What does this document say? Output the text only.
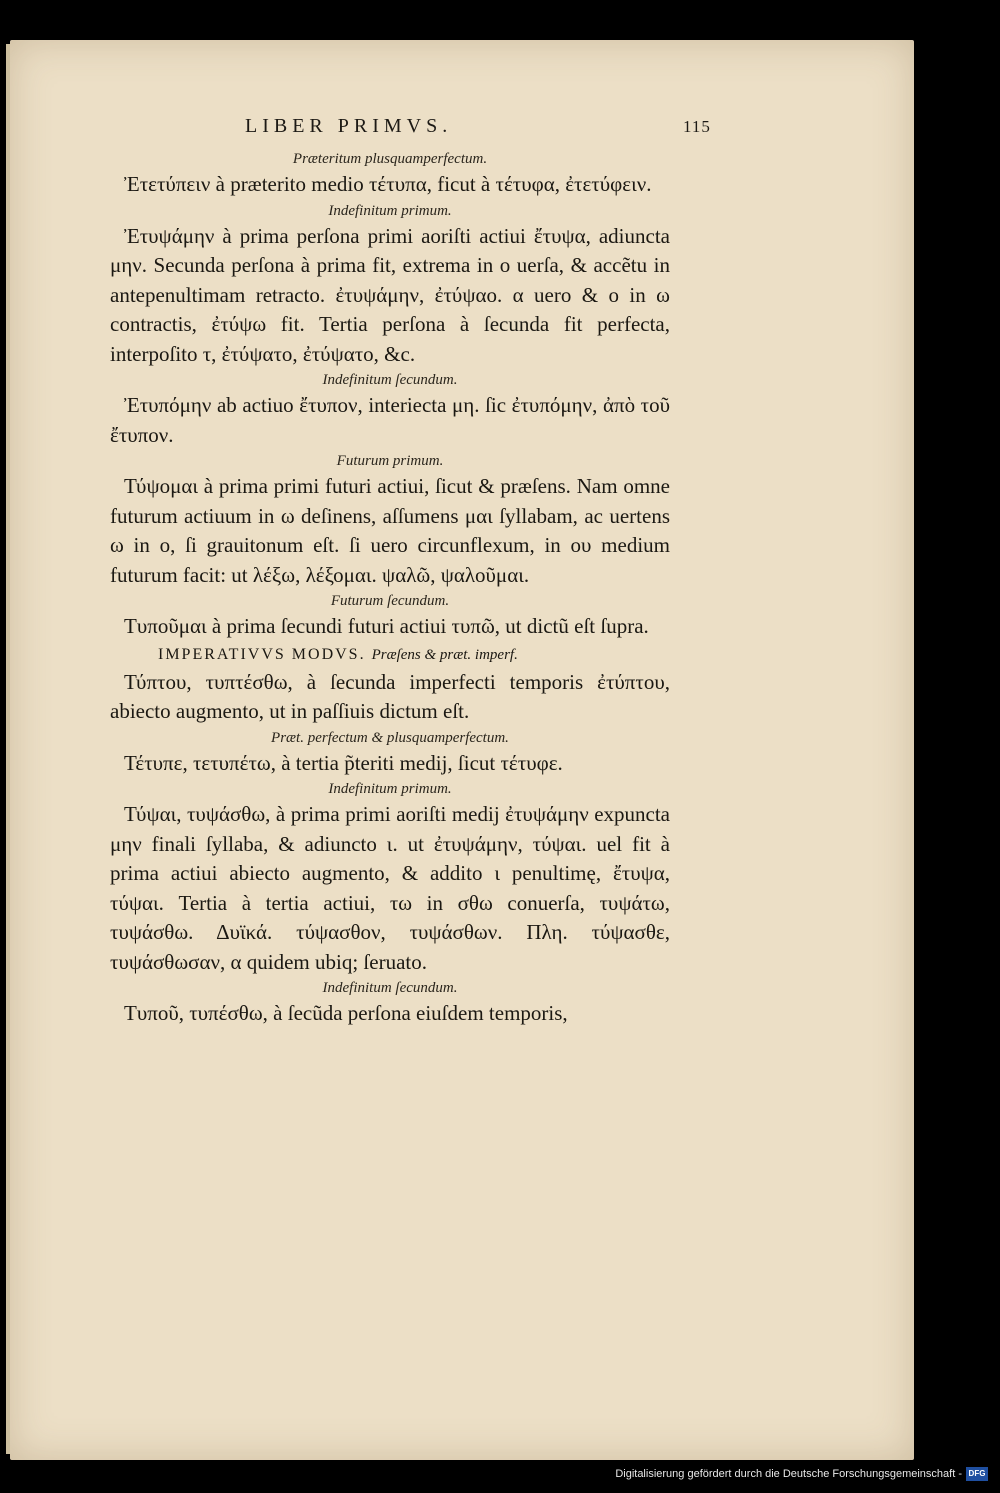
LIBER PRIMVS.	115
Præteritum plusquamperfectum.

Ἐτετύπειν à præterito medio τέτυπα, ficut à τέτυφα, ἐτετύφειν.

Indefinitum primum.

Ἐτυψάμην à prima perſona primi aoriſti actiui ἔτυψα, adiuncta μην. Secunda perſona à prima fit, extrema in ο uerſa, & accẽtu in antepenultimam retracto. ἐτυψάμην, ἐτύψαο. α uero & ο in ω contractis, ἐτύψω fit. Tertia perſona à ſecunda fit perfecta, interpoſito τ, ἐτύψατο, ἐτύψατο, &c.

Indefinitum ſecundum.

Ἐτυπόμην ab actiuo ἔτυπον, interiecta μη. ſic ἐτυπόμην, ἀπὸ τοῦ ἔτυπον.

Futurum primum.

Τύψομαι à prima primi futuri actiui, ſicut & præſens. Nam omne futurum actiuum in ω deſinens, aſſumens μαι ſyllabam, ac uertens ω in ο, ſi grauitonum eſt. ſi uero circunflexum, in ου medium futurum facit: ut λέξω, λέξομαι. ψαλῶ, ψαλοῦμαι.

Futurum ſecundum.

Τυποῦμαι à prima ſecundi futuri actiui τυπῶ, ut dictũ eſt ſupra.

IMPERATIVVS MODVS. Præſens & præt. imperf.

Τύπτου, τυπτέσθω, à ſecunda imperfecti temporis ἐτύπτου, abiecto augmento, ut in paſſiuis dictum eſt.

Præt. perfectum & plusquamperfectum.

Τέτυπε, τετυπέτω, à tertia p̃teriti medij, ſicut τέτυφε.

Indefinitum primum.

Τύψαι, τυψάσθω, à prima primi aoriſti medij ἐτυψάμην expuncta μην finali ſyllaba, & adiuncto ι. ut ἐτυψάμην, τύψαι. uel fit à prima actiui abiecto augmento, & addito ι penultimę, ἔτυψα, τύψαι. Tertia à tertia actiui, τω in σθω conuerſa, τυψάτω, τυψάσθω. Δυϊκά. τύψασθον, τυψάσθων. Πλη. τύψασθε, τυψάσθωσαν, α quidem ubiq; ſeruato.

Indefinitum ſecundum.

Τυποῦ, τυπέσθω, à ſecũda perſona eiuſdem temporis,

Digitalisierung gefördert durch die Deutsche Forschungsgemeinschaft - DFG
